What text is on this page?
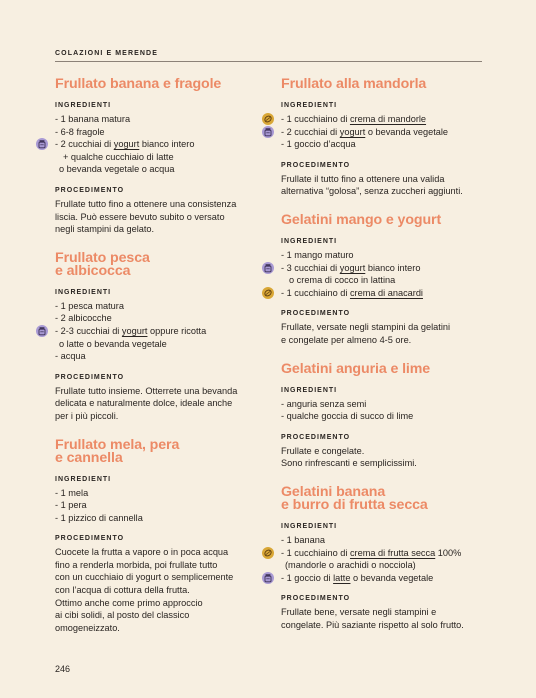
COLAZIONI E MERENDE
Frullato banana e fragole
INGREDIENTI
- 1 banana matura
- 6-8 fragole
- 2 cucchiai di yogurt bianco intero
+ qualche cucchiaio di latte
o bevanda vegetale o acqua
PROCEDIMENTO

Frullate tutto fino a ottenere una consistenza
liscia. Può essere bevuto subito o versato
negli stampini da gelato.

Frullato pesca
e albicocca
INGREDIENTI
- 1 pesca matura
- 2 albicocche
- 2-3 cucchiai di yogurt oppure ricotta
o latte o bevanda vegetale
- acqua
PROCEDIMENTO

Frullate tutto insieme. Otterrete una bevanda
delicata e naturalmente dolce, ideale anche
per i più piccoli.

Frullato mela, pera
e cannella
INGREDIENTI
- 1 mela
- 1 pera
- 1 pizzico di cannella
PROCEDIMENTO

Cuocete la frutta a vapore o in poca acqua
fino a renderla morbida, poi frullate tutto
con un cucchiaio di yogurt o semplicemente
con l’acqua di cottura della frutta.
Ottimo anche come primo approccio
ai cibi solidi, al posto del classico
omogeneizzato.

Frullato alla mandorla
INGREDIENTI
- 1 cucchiaino di crema di mandorle
- 2 cucchiai di yogurt o bevanda vegetale
- 1 goccio d’acqua
PROCEDIMENTO

Frullate il tutto fino a ottenere una valida
alternativa “golosa”, senza zuccheri aggiunti.

Gelatini mango e yogurt
INGREDIENTI
- 1 mango maturo
- 3 cucchiai di yogurt bianco intero
o crema di cocco in lattina
- 1 cucchiaino di crema di anacardi
PROCEDIMENTO

Frullate, versate negli stampini da gelatini
e congelate per almeno 4-5 ore.

Gelatini anguria e lime
INGREDIENTI
- anguria senza semi
- qualche goccia di succo di lime
PROCEDIMENTO

Frullate e congelate.
Sono rinfrescanti e semplicissimi.

Gelatini banana
e burro di frutta secca
INGREDIENTI
- 1 banana
- 1 cucchiaino di crema di frutta secca 100%
(mandorle o arachidi o nocciola)
- 1 goccio di latte o bevanda vegetale
PROCEDIMENTO

Frullate bene, versate negli stampini e
congelate. Più saziante rispetto al solo frutto.

246
